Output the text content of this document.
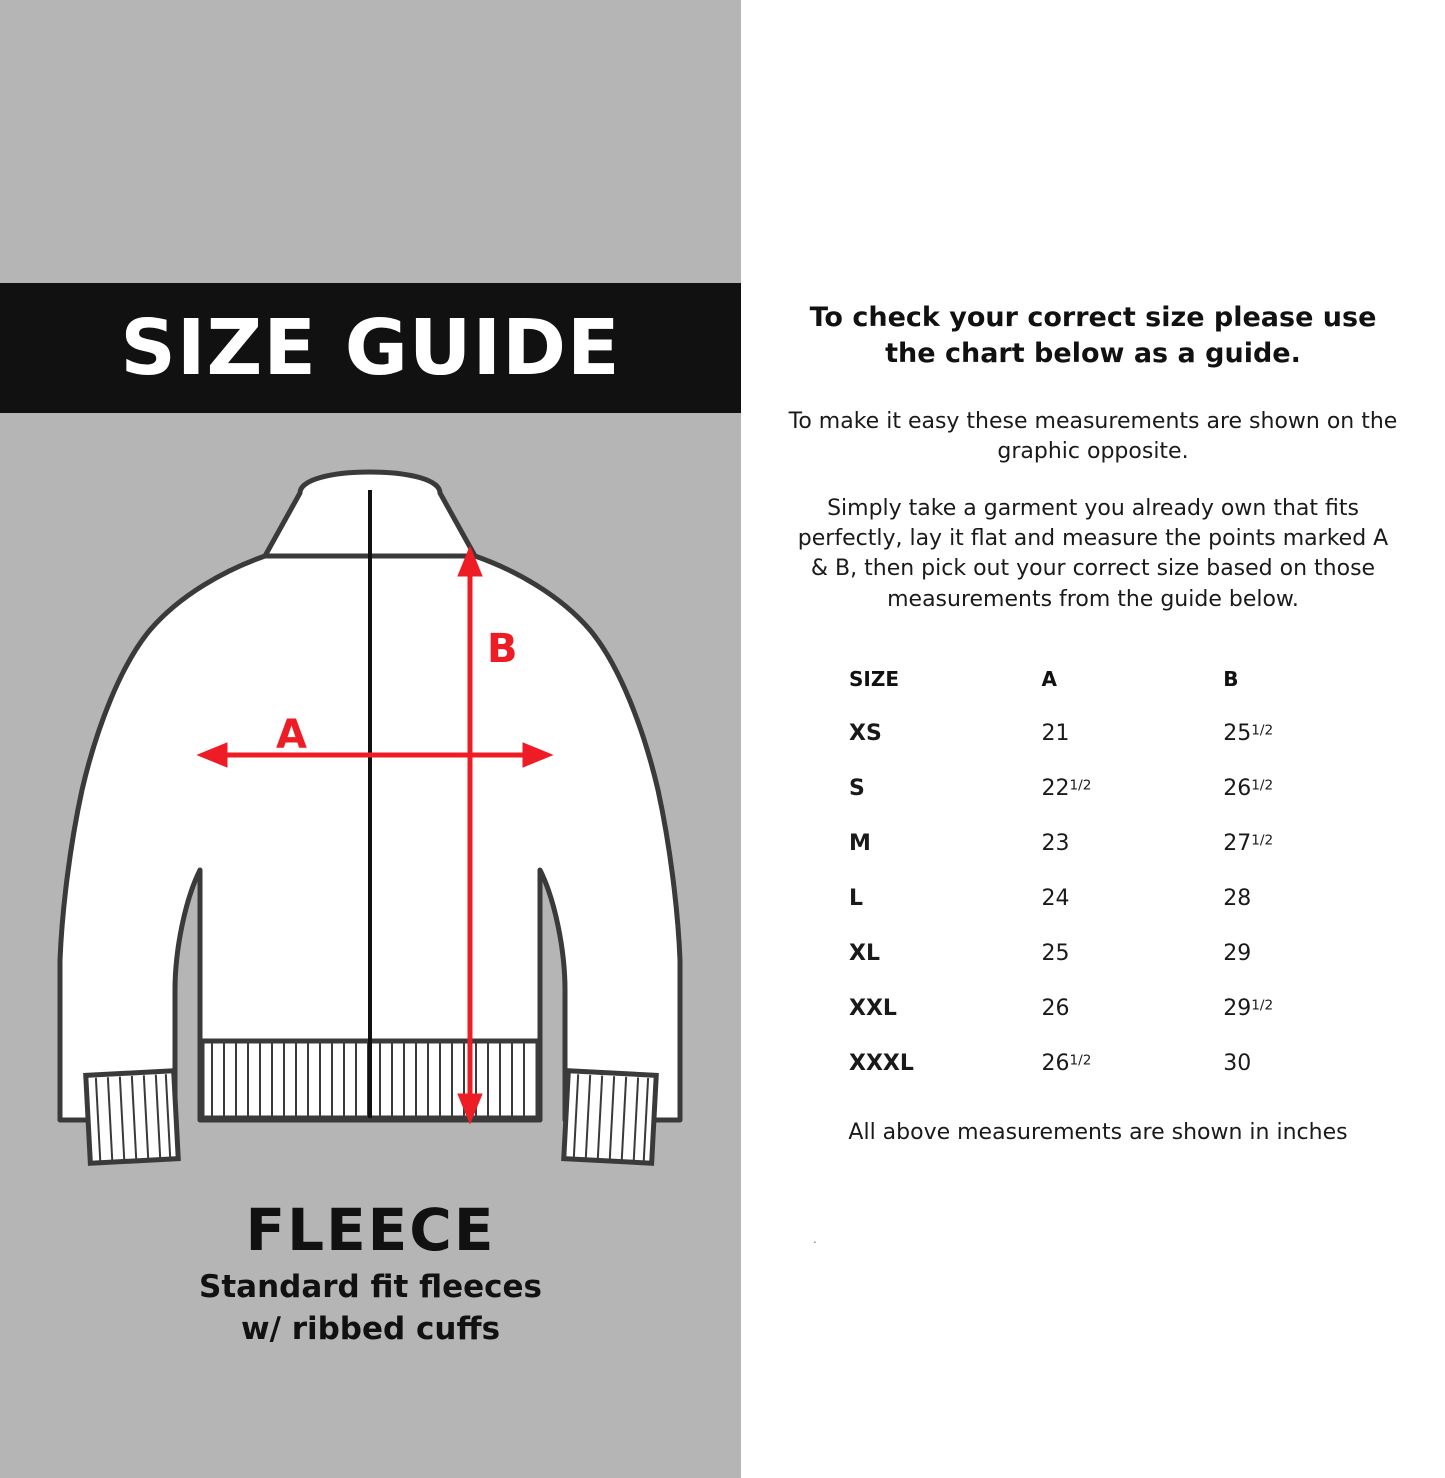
SIZE GUIDE
A
B
FLEECE
Standard fit fleeces
w/ ribbed cuffs
To check your correct size please use the chart below as a guide.
To make it easy these measurements are shown on the graphic opposite.
Simply take a garment you already own that fits perfectly, lay it flat and measure the points marked A & B, then pick out your correct size based on those measurements from the guide below.
SIZE	A	B
XS	21	$25^{1/2}$
S	$22^{1/2}$	$26^{1/2}$
M	23	$27^{1/2}$
L	24	28
XL	25	29
XXL	26	$29^{1/2}$
XXXL	$26^{1/2}$	30
All above measurements are shown in inches
.
